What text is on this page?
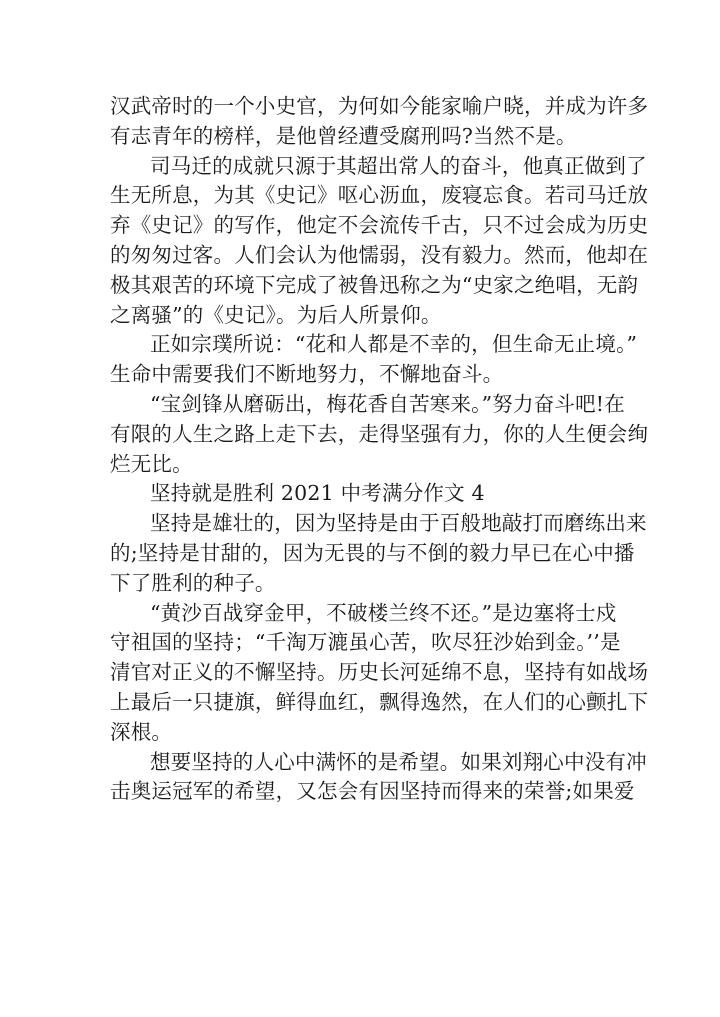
汉武帝时的一个小史官，为何如今能家喻户晓，并成为许多
有志青年的榜样，是他曾经遭受腐刑吗?当然不是。
司马迁的成就只源于其超出常人的奋斗，他真正做到了
生无所息，为其《史记》呕心沥血，废寝忘食。若司马迁放
弃《史记》的写作，他定不会流传千古，只不过会成为历史
的匆匆过客。人们会认为他懦弱，没有毅力。然而，他却在
极其艰苦的环境下完成了被鲁迅称之为“史家之绝唱，无韵
之离骚”的《史记》。为后人所景仰。
正如宗璞所说：“花和人都是不幸的，但生命无止境。”
生命中需要我们不断地努力，不懈地奋斗。
“宝剑锋从磨砺出，梅花香自苦寒来。”努力奋斗吧!在
有限的人生之路上走下去，走得坚强有力，你的人生便会绚
烂无比。
坚持就是胜利 2021 中考满分作文 4
坚持是雄壮的，因为坚持是由于百般地敲打而磨练出来
的;坚持是甘甜的，因为无畏的与不倒的毅力早已在心中播
下了胜利的种子。
“黄沙百战穿金甲，不破楼兰终不还。”是边塞将士戍
守祖国的坚持；“千淘万漉虽心苦，吹尽狂沙始到金。’’是
清官对正义的不懈坚持。历史长河延绵不息，坚持有如战场
上最后一只捷旗，鲜得血红，飘得逸然，在人们的心颤扎下
深根。
想要坚持的人心中满怀的是希望。如果刘翔心中没有冲
击奥运冠军的希望，又怎会有因坚持而得来的荣誉;如果爱
